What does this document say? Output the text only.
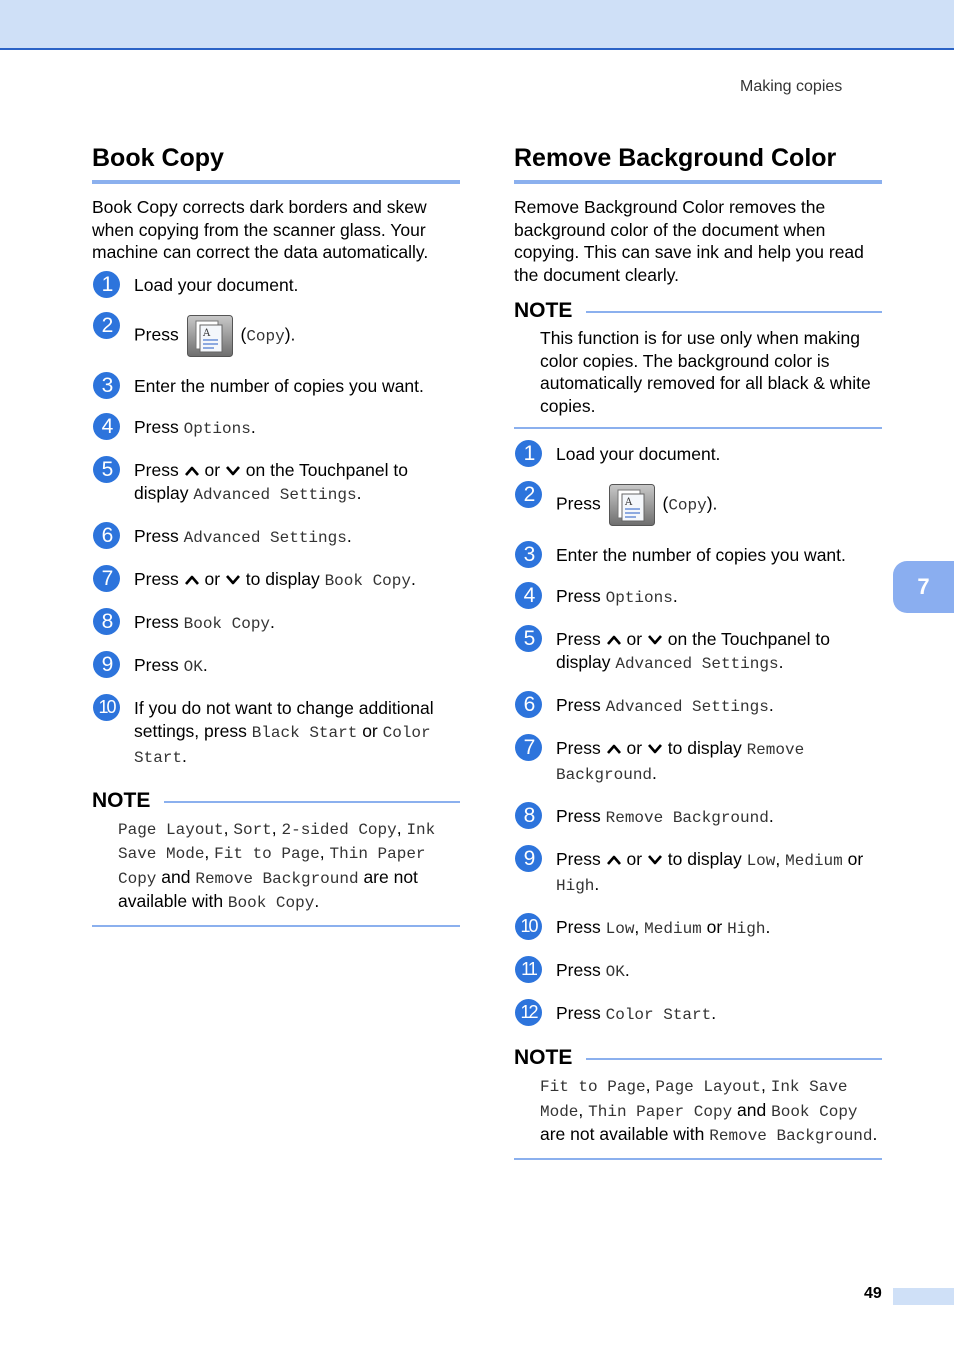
Making copies
Book Copy

Book Copy corrects dark borders and skew when copying from the scanner glass. Your machine can correct the data automatically.

1	Load your document.
2	Press A (Copy).
3	Enter the number of copies you want.
4	Press Options.
5	Press
or
on the Touchpanel to display Advanced Settings.
6	Press Advanced Settings.
7	Press
or
to display Book Copy.
8	Press Book Copy.
9	Press OK.
10	If you do not want to change additional settings, press Black Start or Color Start.
NOTE
Page Layout, Sort, 2-sided Copy, Ink Save Mode, Fit to Page, Thin Paper Copy and Remove Background are not available with Book Copy.
Remove Background Color

Remove Background Color removes the background color of the document when copying. This can save ink and help you read the document clearly.

NOTE
This function is for use only when making color copies. The background color is automatically removed for all black & white copies.
1	Load your document.
2	Press A (Copy).
3	Enter the number of copies you want.
4	Press Options.
5	Press
or
on the Touchpanel to display Advanced Settings.
6	Press Advanced Settings.
7	Press
or
to display Remove Background.
8	Press Remove Background.
9	Press
or
to display Low, Medium or High.
10	Press Low, Medium or High.
11	Press OK.
12	Press Color Start.
NOTE
Fit to Page, Page Layout, Ink Save Mode, Thin Paper Copy and Book Copy are not available with Remove Background.
7
49
